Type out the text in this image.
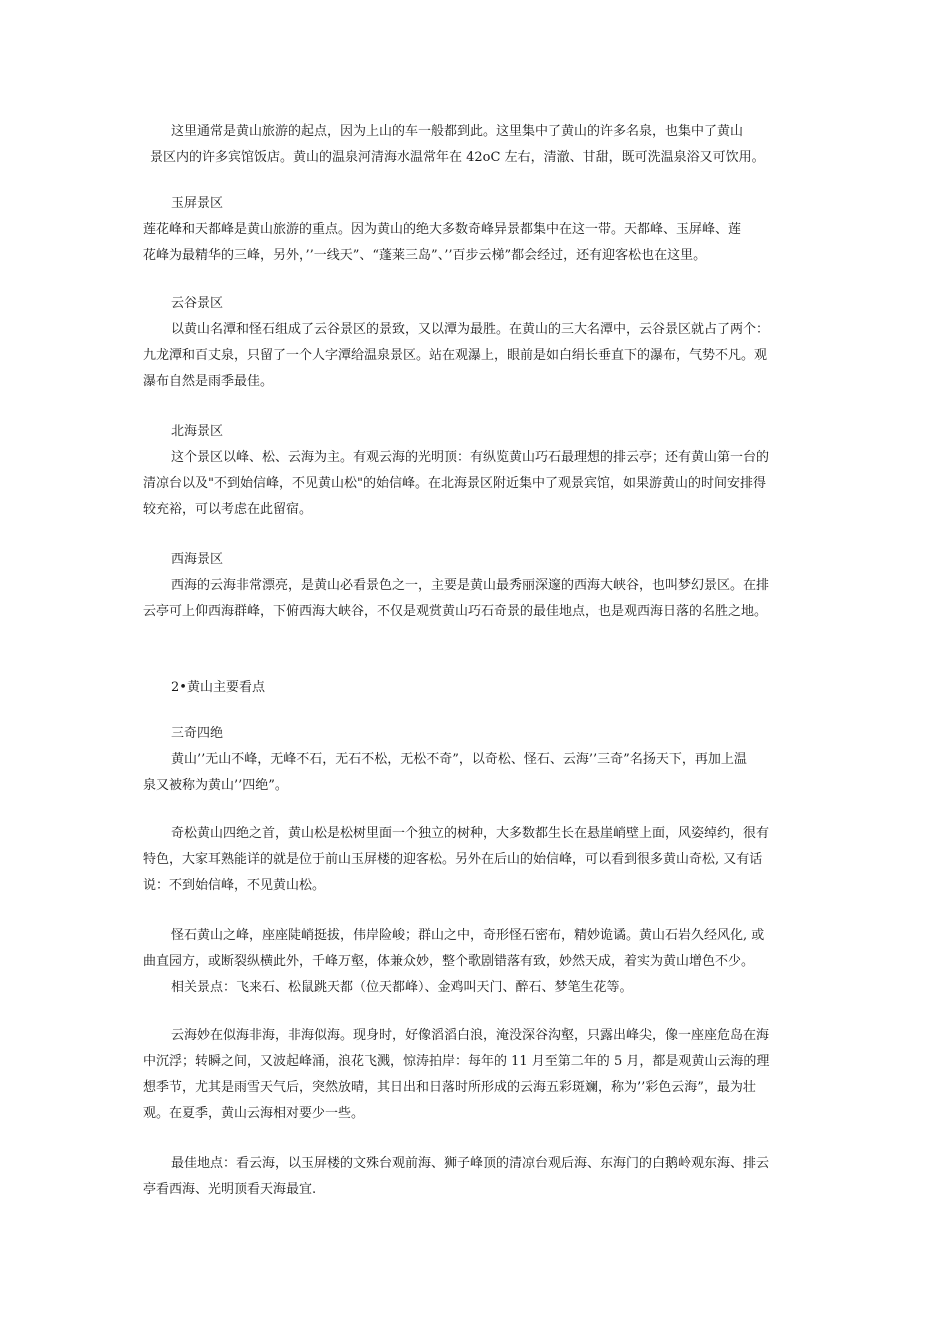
这里通常是黄山旅游的起点，因为上山的车一般都到此。这里集中了黄山的许多名泉，也集中了黄山
景区内的许多宾馆饭店。黄山的温泉河清海水温常年在 42oC 左右，清澈、甘甜，既可洗温泉浴又可饮用。
玉屏景区
莲花峰和天都峰是黄山旅游的重点。因为黄山的绝大多数奇峰异景都集中在这一带。天都峰、玉屏峰、莲
花峰为最精华的三峰，另外，’’一线天”、“蓬莱三岛”、’’百步云梯”都会经过，还有迎客松也在这里。
云谷景区
以黄山名潭和怪石组成了云谷景区的景致，又以潭为最胜。在黄山的三大名潭中，云谷景区就占了两个：
九龙潭和百丈泉，只留了一个人字潭给温泉景区。站在观瀑上，眼前是如白绢长垂直下的瀑布，气势不凡。观
瀑布自然是雨季最佳。
北海景区
这个景区以峰、松、云海为主。有观云海的光明顶：有纵览黄山巧石最理想的排云亭；还有黄山第一台的
清凉台以及"不到始信峰，不见黄山松"的始信峰。在北海景区附近集中了观景宾馆，如果游黄山的时间安排得
较充裕，可以考虑在此留宿。
西海景区
西海的云海非常漂亮，是黄山必看景色之一，主要是黄山最秀丽深邃的西海大峡谷，也叫梦幻景区。在排
云亭可上仰西海群峰，下俯西海大峡谷，不仅是观赏黄山巧石奇景的最佳地点，也是观西海日落的名胜之地。
2•黄山主要看点
三奇四绝
黄山’’无山不峰，无峰不石，无石不松，无松不奇”，以奇松、怪石、云海’’三奇”名扬天下，再加上温
泉又被称为黄山’’四绝”。
奇松黄山四绝之首，黄山松是松树里面一个独立的树种，大多数都生长在悬崖峭壁上面，风姿绰约，很有
特色，大家耳熟能详的就是位于前山玉屏楼的迎客松。另外在后山的始信峰，可以看到很多黄山奇松, 又有话
说：不到始信峰，不见黄山松。
怪石黄山之峰，座座陡峭挺拔，伟岸险峻；群山之中，奇形怪石密布，精妙诡谲。黄山石岩久经风化, 或
曲直园方，或断裂纵横此外，千峰万壑，体兼众妙，整个歌剧错落有致，妙然天成，着实为黄山增色不少。
相关景点：飞来石、松鼠跳天都（位天都峰）、金鸡叫天门、醉石、梦笔生花等。
云海妙在似海非海，非海似海。现身时，好像滔滔白浪，淹没深谷沟壑，只露出峰尖，像一座座危岛在海
中沉浮；转瞬之间，又波起峰涌，浪花飞溅，惊涛拍岸：每年的 11 月至第二年的 5 月，都是观黄山云海的理
想季节，尤其是雨雪天气后，突然放晴，其日出和日落时所形成的云海五彩斑斓，称为’’彩色云海”，最为壮
观。在夏季，黄山云海相对要少一些。
最佳地点：看云海，以玉屏楼的文殊台观前海、狮子峰顶的清凉台观后海、东海门的白鹅岭观东海、排云
亭看西海、光明顶看天海最宜.
